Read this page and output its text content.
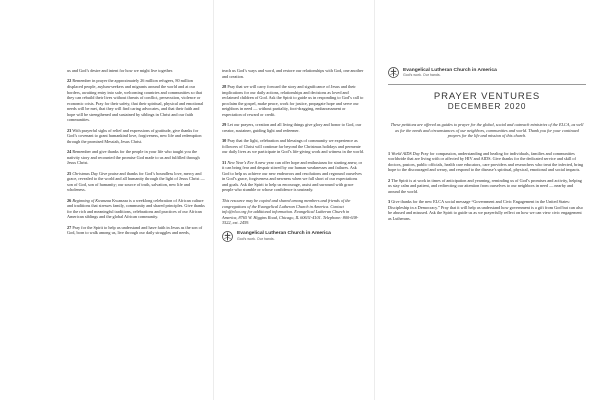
us and God’s desire and intent for how we might live together.

22 Remember in prayer the approximately 26 million refugees, 80 million displaced people, asylum-seekers and migrants around the world and at our borders, awaiting entry into safe, welcoming countries and communities so that they can rebuild their lives without threats of conflict, persecution, violence or economic crisis. Pray for their safety, that their spiritual, physical and emotional needs will be met, that they will find caring advocates, and that their faith and hope will be strengthened and sustained by siblings in Christ and our faith communities.

23 With prayerful sighs of relief and expressions of gratitude, give thanks for God’s covenant to grant humankind love, forgiveness, new life and redemption through the promised Messiah, Jesus Christ.

24 Remember and give thanks for the people in your life who taught you the nativity story and recounted the promise God made to us and fulfilled through Jesus Christ.

25 Christmas Day Give praise and thanks for God’s boundless love, mercy and grace, revealed to the world and all humanity through the light of Jesus Christ — son of God, son of humanity; our source of truth, salvation, new life and wholeness.

26 Beginning of Kwanzaa Kwanzaa is a weeklong celebration of African culture and traditions that stresses family, community and shared principles. Give thanks for the rich and meaningful traditions, celebrations and practices of our African American siblings and the global African community.

27 Pray for the Spirit to help us understand and have faith in Jesus as the son of God, born to walk among us, live through our daily struggles and needs,

teach us God’s ways and word, and restore our relationships with God, one another and creation.

28 Pray that we will carry forward the story and significance of Jesus and their implications for our daily actions, relationships and decisions as loved and reclaimed children of God. Ask the Spirit to guide us in responding to God’s call to proclaim the gospel, make peace, work for justice, propagate hope and serve our neighbors in need — without partiality, foot-dragging, embarrassment or expectation of reward or credit.

29 Let our prayers, creation and all living things give glory and honor to God, our creator, sustainer, guiding light and redeemer.

30 Pray that the light, celebration and blessings of community we experience as followers of Christ will continue far beyond the Christmas holidays and permeate our daily lives as we participate in God’s life-giving work and witness in the world.

31 New Year’s Eve A new year can offer hope and enthusiasm for starting anew, or it can bring fear and despair stirred by our human weaknesses and failures. Ask God to help us achieve our new endeavors and resolutions and reground ourselves in God’s grace, forgiveness and newness when we fall short of our expectations and goals. Ask the Spirit to help us encourage, assist and surround with grace people who stumble or whose confidence is unsteady.

This resource may be copied and shared among members and friends of the congregations of the Evangelical Lutheran Church in America. Contact info@elca.org for additional information. Evangelical Lutheran Church in America, 8765 W. Higgins Road, Chicago, IL 60631-4101. Telephone: 800-638-3522, ext. 2459.

Evangelical Lutheran Church in America
God’s work. Our hands.
Evangelical Lutheran Church in America
God’s work. Our hands.
PRAYER VENTURES
DECEMBER 2020

These petitions are offered as guides to prayer for the global, social and outreach ministries of the ELCA, as well as for the needs and circumstances of our neighbors, communities and world. Thank you for your continued prayers for the life and mission of this church.

1 World AIDS Day Pray for compassion, understanding and healing for individuals, families and communities worldwide that are living with or affected by HIV and AIDS. Give thanks for the dedicated service and skill of doctors, pastors, public officials, health care educators, care providers and researchers who treat the infected, bring hope to the discouraged and weary, and respond to the disease’s spiritual, physical, emotional and social impacts.

2 The Spirit is at work in times of anticipation and yearning, reminding us of God’s promises and activity, helping us stay calm and patient, and redirecting our attention from ourselves to our neighbors in need — nearby and around the world.

3 Give thanks for the new ELCA social message “Government and Civic Engagement in the United States: Discipleship in a Democracy.” Pray that it will help us understand how government is a gift from God but can also be abused and misused. Ask the Spirit to guide us as we prayerfully reflect on how we can view civic engagement as Lutherans.
